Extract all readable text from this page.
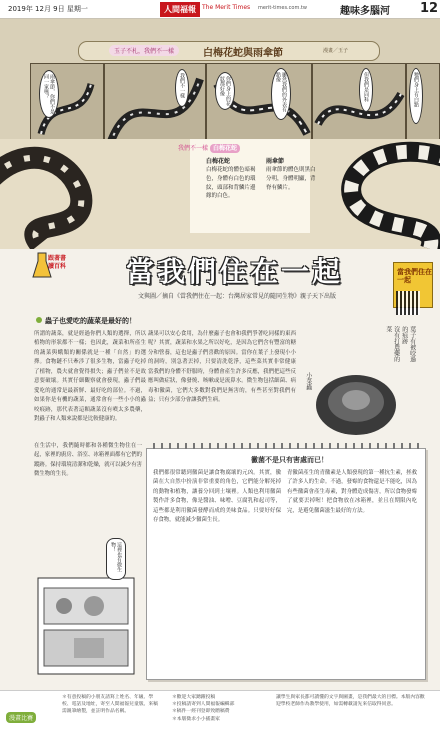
2019年 12月 9日 星期一	人間福報	The Merit Times merit-times.com.tw	趣味多腦河 12
玉子不札，我們不一樣	白梅花蛇與雨傘節	漫畫／玉子
雨傘節，你們不是同一家嗎？	我們不一樣	你們身上的花紋都好像	雖然我們的外表有點像	但我們是同科	牠們身上有白點
我們不一樣 白梅花蛇
白梅花蛇
白梅花蛇的體色暗褐色，身體有白色的環紋，頭部和背鱗片邊緣的白色。
雨傘節
雨傘節的體色則黑白分明，身體明顯，背脊有鱗片。
跟著書
讀百科 當我們住在一起
文與圖／摘自《當我們住在一起：台灣居家常見的隨同生物》親子天下出版
當我們住在一起
蟲子也愛吃的蔬菜是最好的！
所謂的蔬菜，就是經過你們人類的選擇，所以植物的形狀都不一樣；也因此，蔬菜和所產生的蔬菜與蛾類的關係就是一種「自然」的選擇。食物鏈不只牽涉了很多生物，當蟲子吃掉了植物，農夫就會覺得損失；蟲子們並不是故意要破壞。其實仔細觀察就會發現，蟲子們最愛吃的通常是最新鮮、最好吃的部位。不過，如果你是有機的蔬菜，通常會有一些小小的蟲咬痕跡，那代表著這顆蔬菜沒有噴太多農藥，對蟲子和人類來說都是比較健康的。
蔬果可以安心食用，為什麼蟲子也會和我們爭著吃同樣的東西呢？其實，蔬菜和水果之所以好吃，是因為它們含有豐富的糖分和營養，這也是蟲子們喜歡的原因。當你在葉子上發現小小的洞時，別急著丟掉，只要清洗乾淨，這些菜其實非常健康
當我們的身體不舒服時，身體會產生許多反應，我們把這些反應叫做症狀，像發燒、咳嗽或是流鼻水。微生物包括細菌、病毒和黴菌，它們大多數對我們是無害的，有些甚至對我們有益；只有少部分會讓我們生病。
在生活中，我們隨時都和各種微生物住在一起，家裡的廚房、浴室、冰箱裡面都有它們的蹤跡。保持環境清潔和乾燥，就可以減少有害微生物的生長。
沒有打農藥的菜	葉子有被咬過的痕跡
小菜蟲
黴菌不是只有害處而已！
我們都很常聽到黴菌是讓食物腐壞的元凶。其實，黴菌在大自然中扮演非常重要的角色，它們能分解死掉的動物和植物，讓養分回到土壤裡。人類也利用黴菌製作許多食物，像是醬油、味噌、豆腐乳和起司等，這些都是利用黴菌發酵而成的美味食品。只要好好保存食物，就能減少黴菌生長。
青黴菌產生的青黴素是人類發現的第一種抗生素，拯救了許多人的生命。不過，發霉的食物還是不能吃，因為有些黴菌會產生毒素，對身體造成傷害，所以食物發霉了就要丟掉喔！把食物放在冰箱裡，並且在期限內吃完，是避免黴菌滋生最好的方法。
這裡也有微生物！
漫畫比賽
＊有意投稿的小朋友請寫上姓名、年級、學校、電話及地址，寄至人間福報兒童版。來稿需親筆繪製，並註明作品名稱。
＊歡迎大家踴躍投稿
＊投稿請寄到人間福報編輯部
＊稿件一經刊登即致贈稿費
＊本版徵求小小插畫家
讓學生與家長都可讀懂的文字與圖畫，是我們最大的目標。本版內容歡迎學校老師作為教學使用，如需轉載請先來信取得同意。
